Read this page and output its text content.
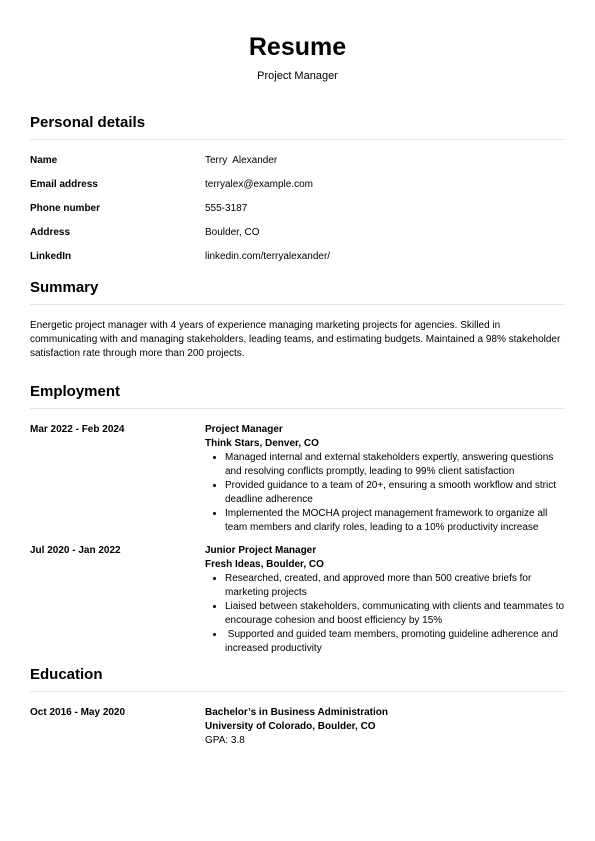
Resume
Project Manager
Personal details
Name	Terry  Alexander
Email address	terryalex@example.com
Phone number	555-3187
Address	Boulder, CO
LinkedIn	linkedin.com/terryalexander/
Summary
Energetic project manager with 4 years of experience managing marketing projects for agencies. Skilled in communicating with and managing stakeholders, leading teams, and estimating budgets. Maintained a 98% stakeholder satisfaction rate through more than 200 projects.
Employment
Mar 2022 - Feb 2024	Project Manager
Think Stars, Denver, CO
• Managed internal and external stakeholders expertly, answering questions and resolving conflicts promptly, leading to 99% client satisfaction
• Provided guidance to a team of 20+, ensuring a smooth workflow and strict deadline adherence
• Implemented the MOCHA project management framework to organize all team members and clarify roles, leading to a 10% productivity increase
Jul 2020 - Jan 2022	Junior Project Manager
Fresh Ideas, Boulder, CO
• Researched, created, and approved more than 500 creative briefs for marketing projects
• Liaised between stakeholders, communicating with clients and teammates to encourage cohesion and boost efficiency by 15%
•  Supported and guided team members, promoting guideline adherence and increased productivity
Education
Oct 2016 - May 2020	Bachelor’s in Business Administration
University of Colorado, Boulder, CO
GPA: 3.8
